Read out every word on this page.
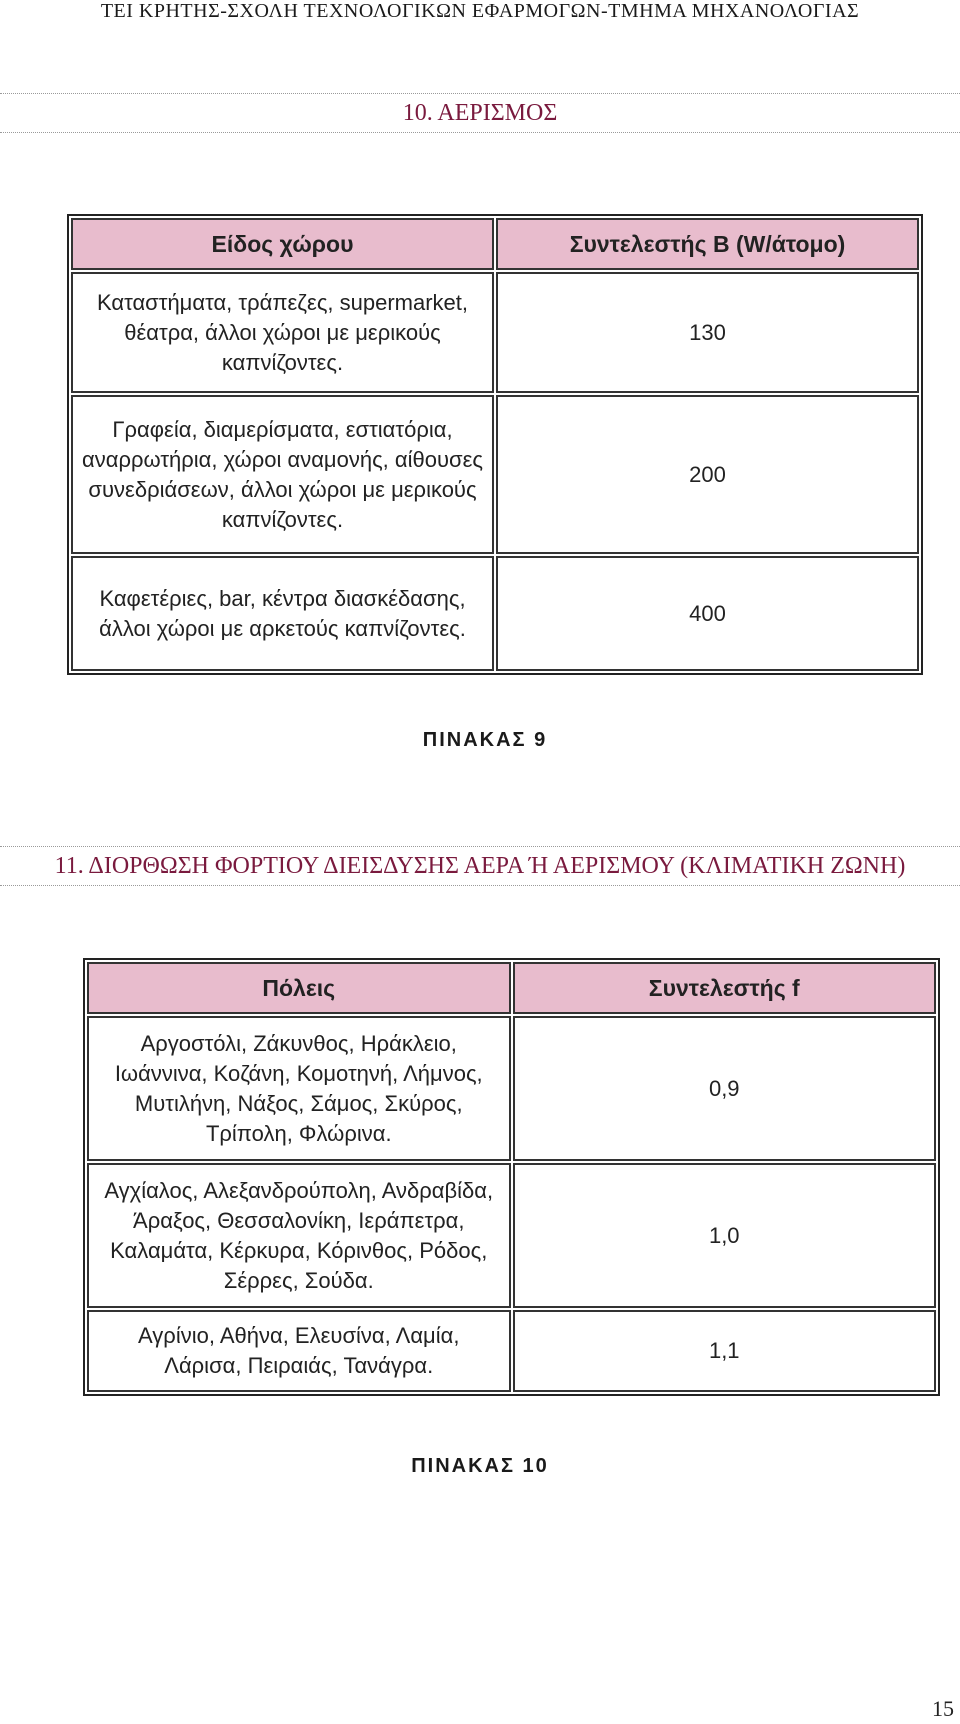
ΤΕΙ ΚΡΗΤΗΣ-ΣΧΟΛΗ ΤΕΧΝΟΛΟΓΙΚΩΝ ΕΦΑΡΜΟΓΩΝ-ΤΜΗΜΑ ΜΗΧΑΝΟΛΟΓΙΑΣ
10. ΑΕΡΙΣΜΟΣ
Είδος χώρου	Συντελεστής B (W/άτομο)
Καταστήματα, τράπεζες, supermarket, θέατρα, άλλοι χώροι με μερικούς καπνίζοντες.	130
Γραφεία, διαμερίσματα, εστιατόρια, αναρρωτήρια, χώροι αναμονής, αίθουσες συνεδριάσεων, άλλοι χώροι με μερικούς καπνίζοντες.	200
Καφετέριες, bar, κέντρα διασκέδασης, άλλοι χώροι με αρκετούς καπνίζοντες.	400
ΠΙΝΑΚΑΣ 9
11. ΔΙΟΡΘΩΣΗ ΦΟΡΤΙΟΥ ΔΙΕΙΣΔΥΣΗΣ ΑΕΡΑ Ή ΑΕΡΙΣΜΟΥ (ΚΛΙΜΑΤΙΚΗ ΖΩΝΗ)
Πόλεις	Συντελεστής f
Αργοστόλι, Ζάκυνθος, Ηράκλειο, Ιωάννινα, Κοζάνη, Κομοτηνή, Λήμνος, Μυτιλήνη, Νάξος, Σάμος, Σκύρος, Τρίπολη, Φλώρινα.	0,9
Αγχίαλος, Αλεξανδρούπολη, Ανδραβίδα, Άραξος, Θεσσαλονίκη, Ιεράπετρα, Καλαμάτα, Κέρκυρα, Κόρινθος, Ρόδος, Σέρρες, Σούδα.	1,0
Αγρίνιο, Αθήνα, Ελευσίνα, Λαμία, Λάρισα, Πειραιάς, Τανάγρα.	1,1
ΠΙΝΑΚΑΣ 10
15
